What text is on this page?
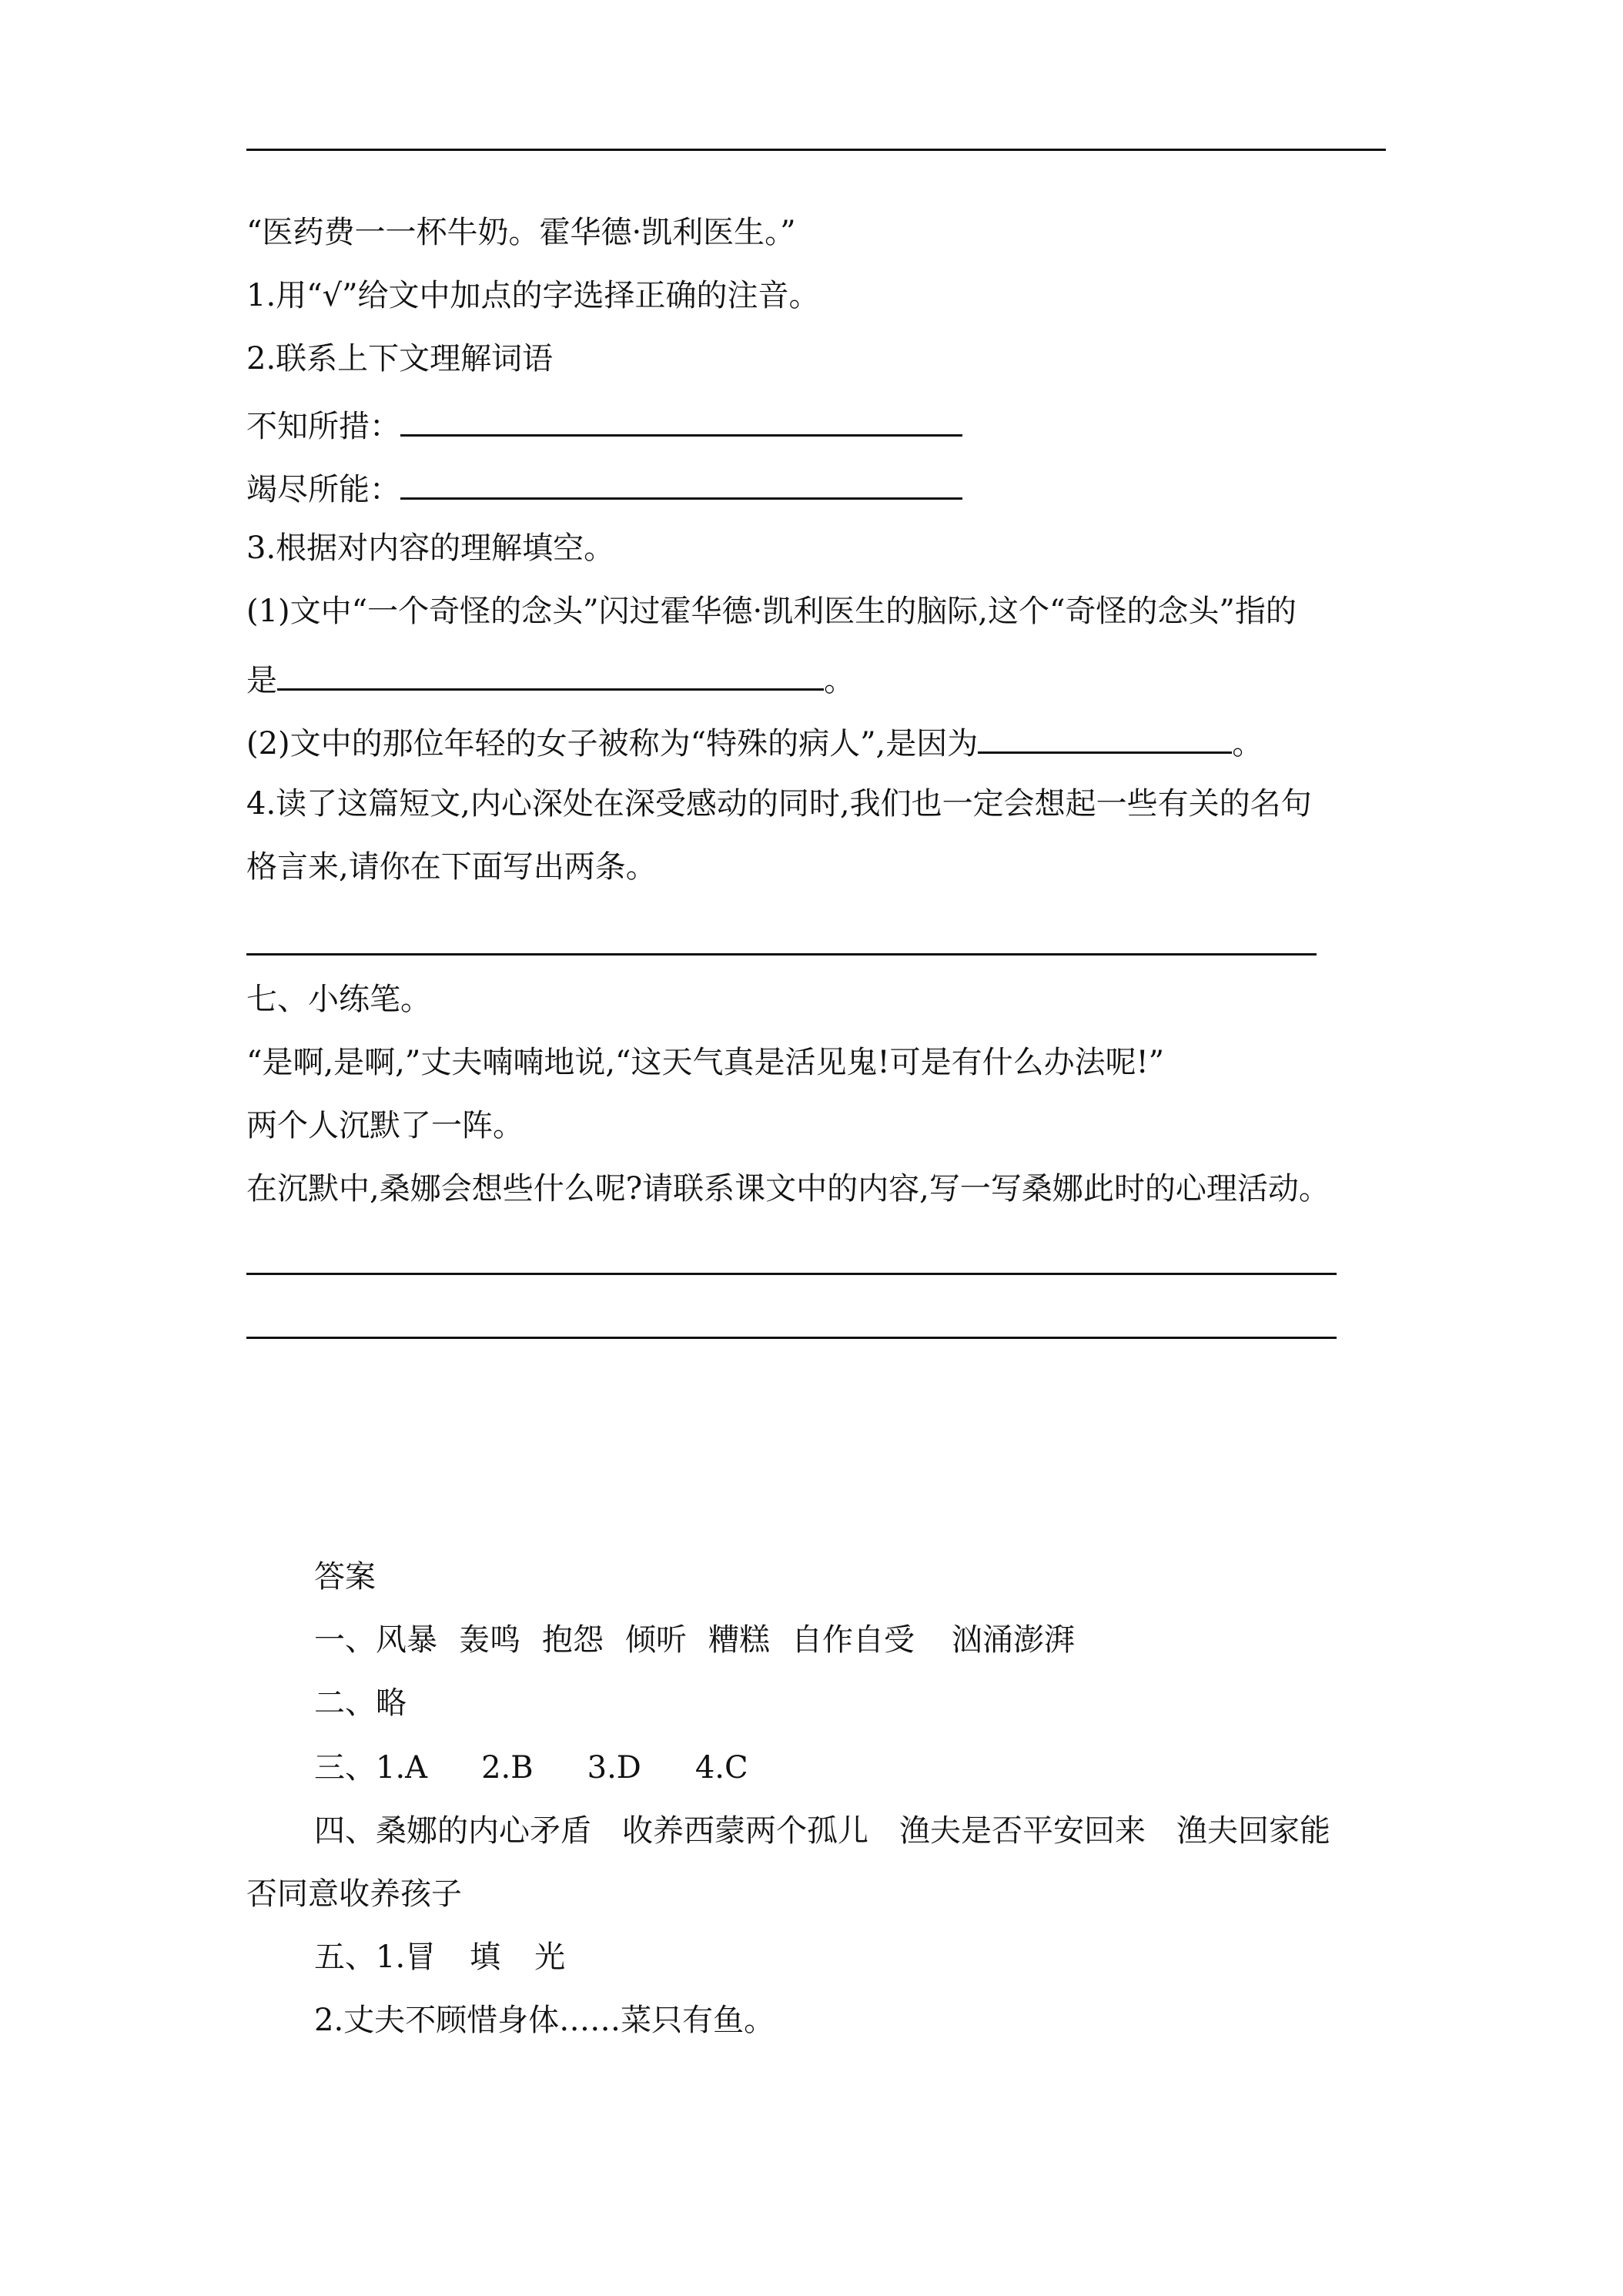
“医药费一一杯牛奶。霍华德·凯利医生。”
1.用“√”给文中加点的字选择正确的注音。
2.联系上下文理解词语
不知所措：
竭尽所能：
3.根据对内容的理解填空。
(1)文中“一个奇怪的念头”闪过霍华德·凯利医生的脑际,这个“奇怪的念头”指的
是	。
(2)文中的那位年轻的女子被称为“特殊的病人”,是因为	。
4.读了这篇短文,内心深处在深受感动的同时,我们也一定会想起一些有关的名句
格言来,请你在下面写出两条。
七、小练笔。
“是啊,是啊,”丈夫喃喃地说,“这天气真是活见鬼!可是有什么办法呢!”
两个人沉默了一阵。
在沉默中,桑娜会想些什么呢?请联系课文中的内容,写一写桑娜此时的心理活动。
答案
一、风暴 轰鸣 抱怨 倾听 糟糕 自作自受 汹涌澎湃
二、略
三、1.A 2.B 3.D 4.C
四、桑娜的内心矛盾　收养西蒙两个孤儿　渔夫是否平安回来　渔夫回家能
否同意收养孩子
五、1.冒 填 光
2.丈夫不顾惜身体……菜只有鱼。
